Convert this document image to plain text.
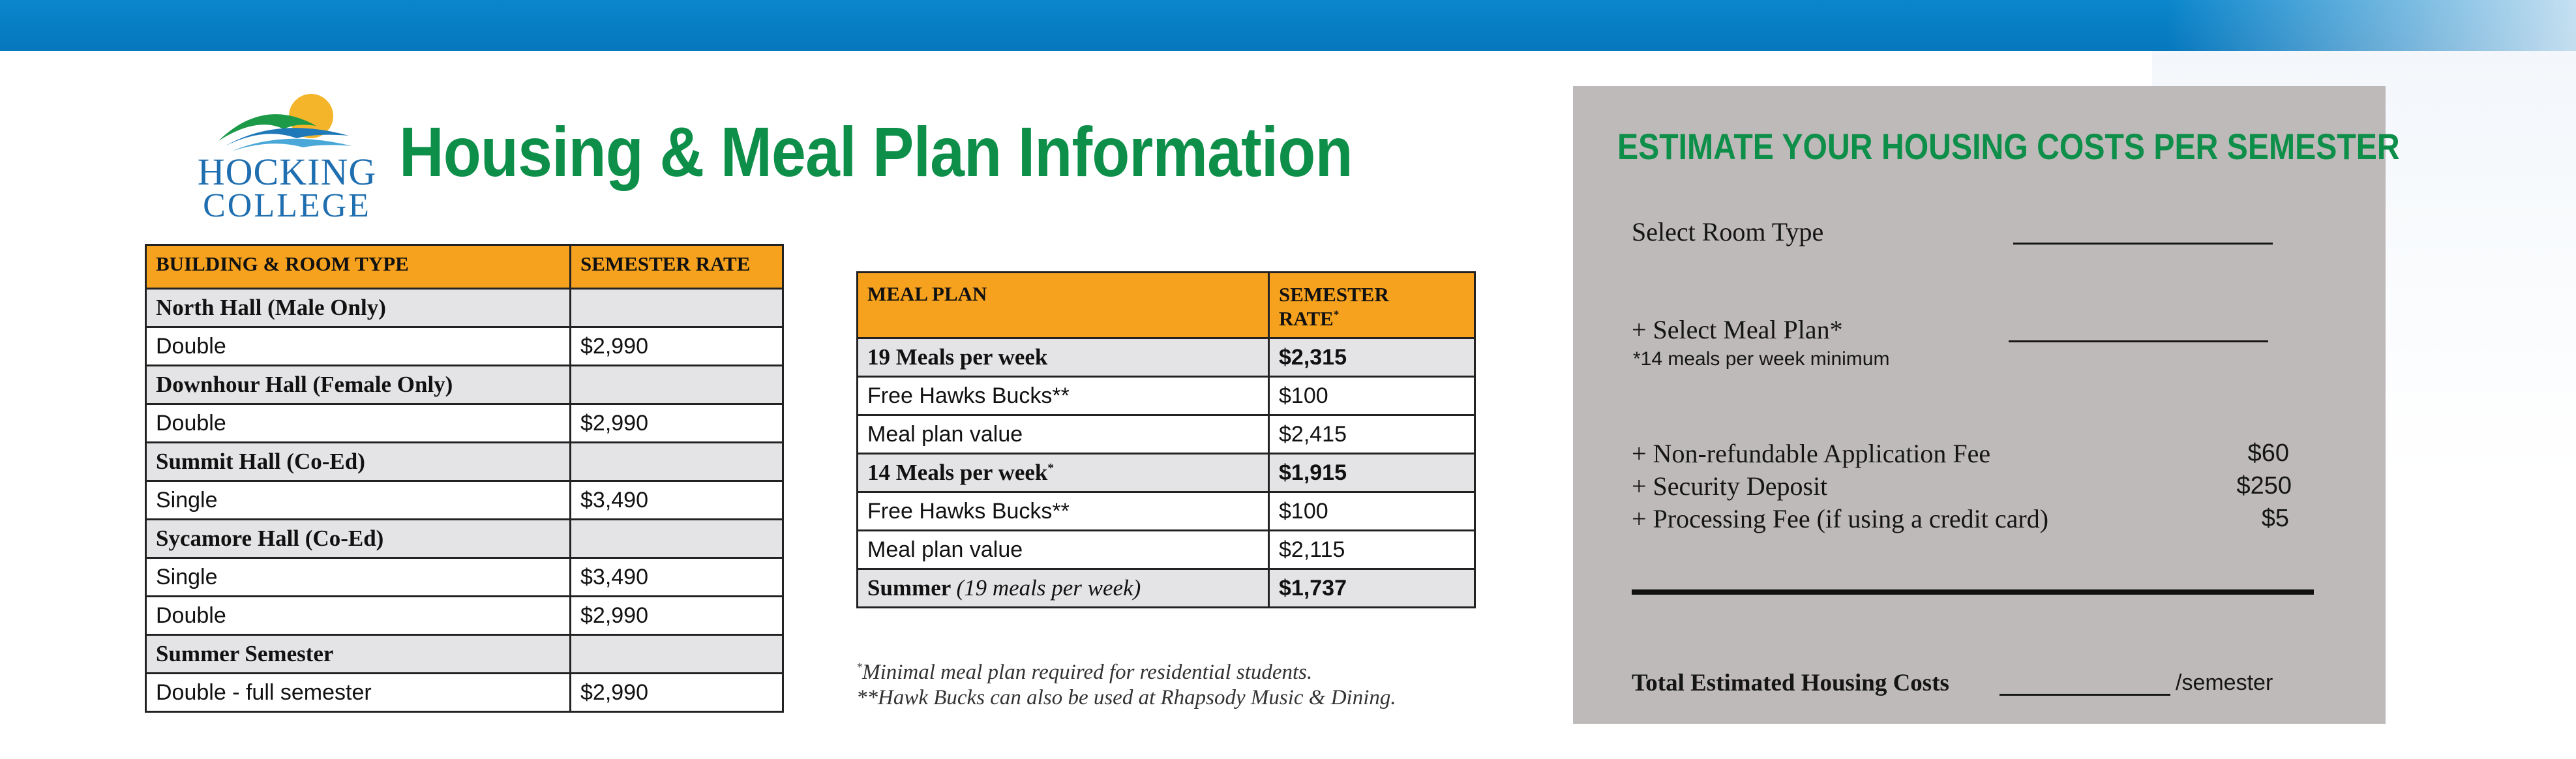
HOCKING
COLLEGE
Housing & Meal Plan Information
BUILDING & ROOM TYPE	SEMESTER RATE
North Hall (Male Only)	
Double	$2,990
Downhour Hall (Female Only)	
Double	$2,990
Summit Hall (Co-Ed)	
Single	$3,490
Sycamore Hall (Co-Ed)	
Single	$3,490
Double	$2,990
Summer Semester	
Double - full semester	$2,990
MEAL PLAN	SEMESTER
RATE*
19 Meals per week	$2,315
Free Hawks Bucks**	$100
Meal plan value	$2,415
14 Meals per week*	$1,915
Free Hawks Bucks**	$100
Meal plan value	$2,115
Summer (19 meals per week)	$1,737
*Minimal meal plan required for residential students.
**Hawk Bucks can also be used at Rhapsody Music & Dining.
ESTIMATE YOUR HOUSING COSTS PER SEMESTER
Select Room Type
+ Select Meal Plan*
*14 meals per week minimum
+ Non-refundable Application Fee	$60
+ Security Deposit	$250
+ Processing Fee (if using a credit card)	$5
Total Estimated Housing Costs	/semester
